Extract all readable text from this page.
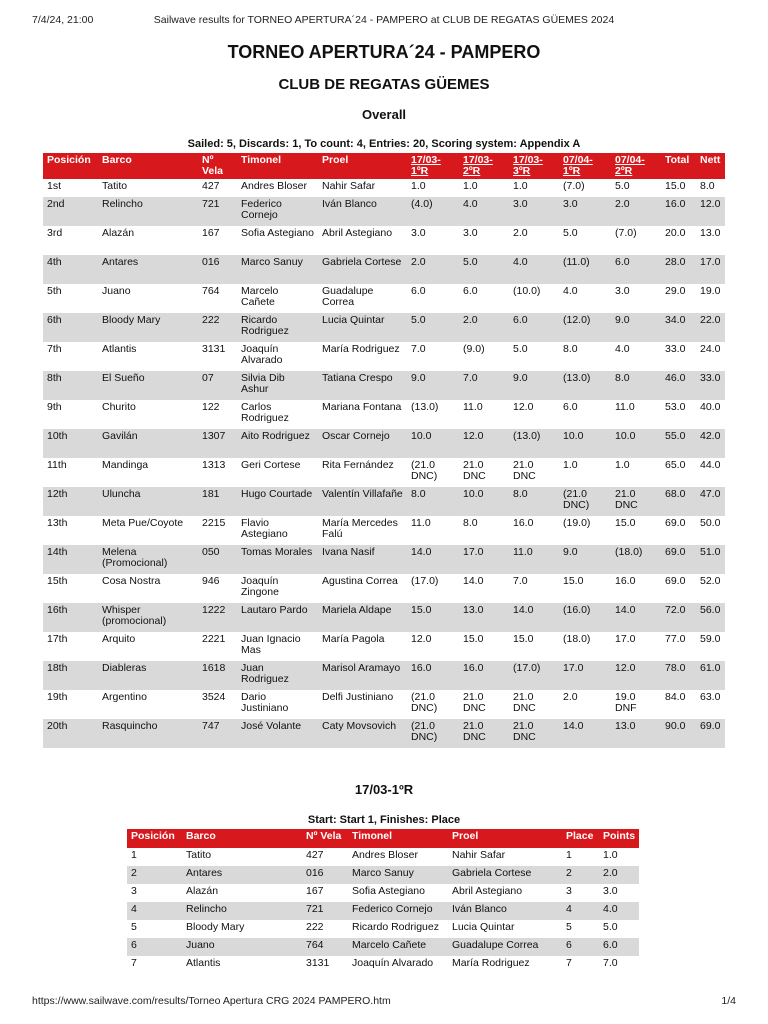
7/4/24, 21:00	Sailwave results for TORNEO APERTURA´24 - PAMPERO at CLUB DE REGATAS GÜEMES 2024
TORNEO APERTURA´24 - PAMPERO
CLUB DE REGATAS GÜEMES
Overall
Sailed: 5, Discards: 1, To count: 4, Entries: 20, Scoring system: Appendix A
Posición	Barco	Nº Vela	Timonel	Proel	17/03-1ºR	17/03-2ºR	17/03-3ºR	07/04-1ºR	07/04-2ºR	Total	Nett
1st	Tatito	427	Andres Bloser	Nahir Safar	1.0	1.0	1.0	(7.0)	5.0	15.0	8.0
2nd	Relincho	721	Federico Cornejo	Iván Blanco	(4.0)	4.0	3.0	3.0	2.0	16.0	12.0
3rd	Alazán	167	Sofia Astegiano	Abril Astegiano	3.0	3.0	2.0	5.0	(7.0)	20.0	13.0
4th	Antares	016	Marco Sanuy	Gabriela Cortese	2.0	5.0	4.0	(11.0)	6.0	28.0	17.0
5th	Juano	764	Marcelo Cañete	Guadalupe Correa	6.0	6.0	(10.0)	4.0	3.0	29.0	19.0
6th	Bloody Mary	222	Ricardo Rodriguez	Lucia Quintar	5.0	2.0	6.0	(12.0)	9.0	34.0	22.0
7th	Atlantis	3131	Joaquín Alvarado	María Rodriguez	7.0	(9.0)	5.0	8.0	4.0	33.0	24.0
8th	El Sueño	07	Silvia Dib Ashur	Tatiana Crespo	9.0	7.0	9.0	(13.0)	8.0	46.0	33.0
9th	Churito	122	Carlos Rodriguez	Mariana Fontana	(13.0)	11.0	12.0	6.0	11.0	53.0	40.0
10th	Gavilán	1307	Aito Rodriguez	Oscar Cornejo	10.0	12.0	(13.0)	10.0	10.0	55.0	42.0
11th	Mandinga	1313	Geri Cortese	Rita Fernández	(21.0 DNC)	21.0 DNC	21.0 DNC	1.0	1.0	65.0	44.0
12th	Uluncha	181	Hugo Courtade	Valentín Villafañe	8.0	10.0	8.0	(21.0 DNC)	21.0 DNC	68.0	47.0
13th	Meta Pue/Coyote	2215	Flavio Astegiano	María Mercedes Falú	11.0	8.0	16.0	(19.0)	15.0	69.0	50.0
14th	Melena (Promocional)	050	Tomas Morales	Ivana Nasif	14.0	17.0	11.0	9.0	(18.0)	69.0	51.0
15th	Cosa Nostra	946	Joaquín Zingone	Agustina Correa	(17.0)	14.0	7.0	15.0	16.0	69.0	52.0
16th	Whisper (promocional)	1222	Lautaro Pardo	Mariela Aldape	15.0	13.0	14.0	(16.0)	14.0	72.0	56.0
17th	Arquito	2221	Juan Ignacio Mas	María Pagola	12.0	15.0	15.0	(18.0)	17.0	77.0	59.0
18th	Diableras	1618	Juan Rodriguez	Marisol Aramayo	16.0	16.0	(17.0)	17.0	12.0	78.0	61.0
19th	Argentino	3524	Dario Justiniano	Delfi Justiniano	(21.0 DNC)	21.0 DNC	21.0 DNC	2.0	19.0 DNF	84.0	63.0
20th	Rasquincho	747	José Volante	Caty Movsovich	(21.0 DNC)	21.0 DNC	21.0 DNC	14.0	13.0	90.0	69.0
17/03-1ºR
Start: Start 1, Finishes: Place
Posición	Barco	Nº Vela	Timonel	Proel	Place	Points
1	Tatito	427	Andres Bloser	Nahir Safar	1	1.0
2	Antares	016	Marco Sanuy	Gabriela Cortese	2	2.0
3	Alazán	167	Sofia Astegiano	Abril Astegiano	3	3.0
4	Relincho	721	Federico Cornejo	Iván Blanco	4	4.0
5	Bloody Mary	222	Ricardo Rodriguez	Lucia Quintar	5	5.0
6	Juano	764	Marcelo Cañete	Guadalupe Correa	6	6.0
7	Atlantis	3131	Joaquín Alvarado	María Rodriguez	7	7.0
https://www.sailwave.com/results/Torneo Apertura CRG 2024 PAMPERO.htm	1/4
